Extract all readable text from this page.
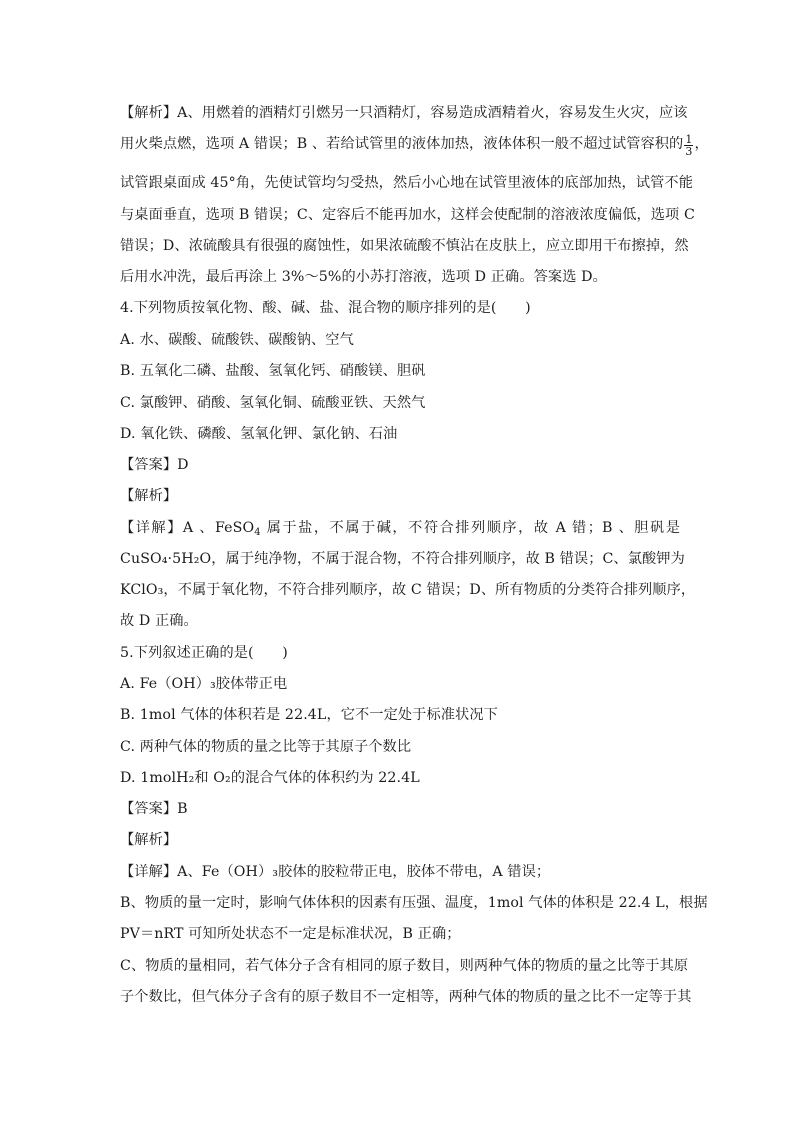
【解析】A、用燃着的酒精灯引燃另一只酒精灯，容易造成酒精着火，容易发生火灾，应该
用火柴点燃，选项 A 错误；B 、若给试管里的液体加热，液体体积一般不超过试管容积的 $\frac{1}{3}$ ，
试管跟桌面成 45°角，先使试管均匀受热，然后小心地在试管里液体的底部加热，试管不能
与桌面垂直，选项 B 错误；C、定容后不能再加水，这样会使配制的溶液浓度偏低，选项 C
错误；D、浓硫酸具有很强的腐蚀性，如果浓硫酸不慎沾在皮肤上，应立即用干布擦掉，然
后用水冲洗，最后再涂上 3%～5%的小苏打溶液，选项 D 正确。答案选 D。
4.下列物质按氧化物、酸、碱、盐、混合物的顺序排列的是(　　)
A. 水、碳酸、硫酸铁、碳酸钠、空气
B. 五氧化二磷、盐酸、氢氧化钙、硝酸镁、胆矾
C. 氯酸钾、硝酸、氢氧化铜、硫酸亚铁、天然气
D. 氧化铁、磷酸、氢氧化钾、氯化钠、石油
【答案】D
【解析】
【详解】A 、FeSO$_4$ 属于盐，不属于碱，不符合排列顺序，故 A 错；B 、胆矾是
CuSO₄·5H₂O，属于纯净物，不属于混合物，不符合排列顺序，故 B 错误；C、氯酸钾为
KClO₃，不属于氧化物，不符合排列顺序，故 C 错误；D、所有物质的分类符合排列顺序，
故 D 正确。
5.下列叙述正确的是(　　)
A. Fe（OH）₃胶体带正电
B. 1mol 气体的体积若是 22.4L，它不一定处于标准状况下
C. 两种气体的物质的量之比等于其原子个数比
D. 1molH₂和 O₂的混合气体的体积约为 22.4L
【答案】B
【解析】
【详解】A、Fe（OH）₃胶体的胶粒带正电，胶体不带电，A 错误；
B、物质的量一定时，影响气体体积的因素有压强、温度，1mol 气体的体积是 22.4 L，根据
PV＝nRT 可知所处状态不一定是标准状况，B 正确；
C、物质的量相同，若气体分子含有相同的原子数目，则两种气体的物质的量之比等于其原
子个数比，但气体分子含有的原子数目不一定相等，两种气体的物质的量之比不一定等于其
